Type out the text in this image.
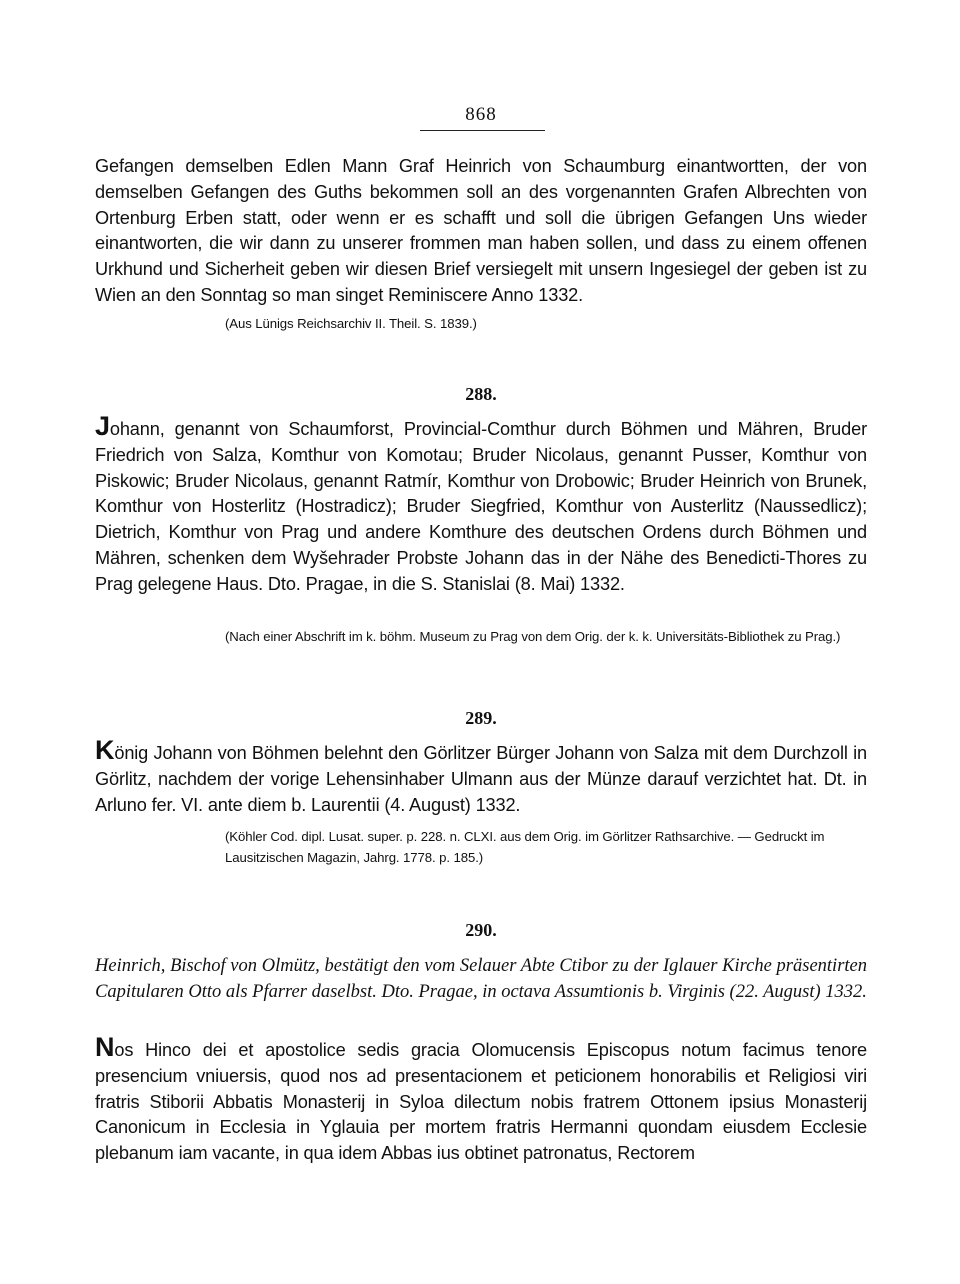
868

Gefangen demselben Edlen Mann Graf Heinrich von Schaumburg einantwortten, der von demselben Gefangen des Guths bekommen soll an des vorgenannten Grafen Albrechten von Ortenburg Erben statt, oder wenn er es schafft und soll die übrigen Gefangen Uns wieder einantworten, die wir dann zu unserer frommen man haben sollen, und dass zu einem offenen Urkhund und Sicherheit geben wir diesen Brief versiegelt mit unsern Ingesiegel der geben ist zu Wien an den Sonntag so man singet Reminiscere Anno 1332.

(Aus Lünigs Reichsarchiv II. Theil. S. 1839.)

288.

Johann, genannt von Schaumforst, Provincial-Comthur durch Böhmen und Mähren, Bruder Friedrich von Salza, Komthur von Komotau; Bruder Nicolaus, genannt Pusser, Komthur von Piskowic; Bruder Nicolaus, genannt Ratmír, Komthur von Drobowic; Bruder Heinrich von Brunek, Komthur von Hosterlitz (Hostradicz); Bruder Siegfried, Komthur von Austerlitz (Naussedlicz); Dietrich, Komthur von Prag und andere Komthure des deutschen Ordens durch Böhmen und Mähren, schenken dem Wyšehrader Probste Johann das in der Nähe des Benedicti-Thores zu Prag gelegene Haus. Dto. Pragae, in die S. Stanislai (8. Mai) 1332.

(Nach einer Abschrift im k. böhm. Museum zu Prag von dem Orig. der k. k. Universitäts-Bibliothek zu Prag.)

289.

König Johann von Böhmen belehnt den Görlitzer Bürger Johann von Salza mit dem Durchzoll in Görlitz, nachdem der vorige Lehensinhaber Ulmann aus der Münze darauf verzichtet hat. Dt. in Arluno fer. VI. ante diem b. Laurentii (4. August) 1332.

(Köhler Cod. dipl. Lusat. super. p. 228. n. CLXI. aus dem Orig. im Görlitzer Rathsarchive. — Gedruckt im Lausitzischen Magazin, Jahrg. 1778. p. 185.)

290.

Heinrich, Bischof von Olmütz, bestätigt den vom Selauer Abte Ctibor zu der Iglauer Kirche präsentirten Capitularen Otto als Pfarrer daselbst. Dto. Pragae, in octava Assumtionis b. Virginis (22. August) 1332.

Nos Hinco dei et apostolice sedis gracia Olomucensis Episcopus notum facimus tenore presencium vniuersis, quod nos ad presentacionem et peticionem honorabilis et Religiosi viri fratris Stiborii Abbatis Monasterij in Syloa dilectum nobis fratrem Ottonem ipsius Monasterij Canonicum in Ecclesia in Yglauia per mortem fratris Hermanni quondam eiusdem Ecclesie plebanum iam vacante, in qua idem Abbas ius obtinet patronatus, Rectorem
